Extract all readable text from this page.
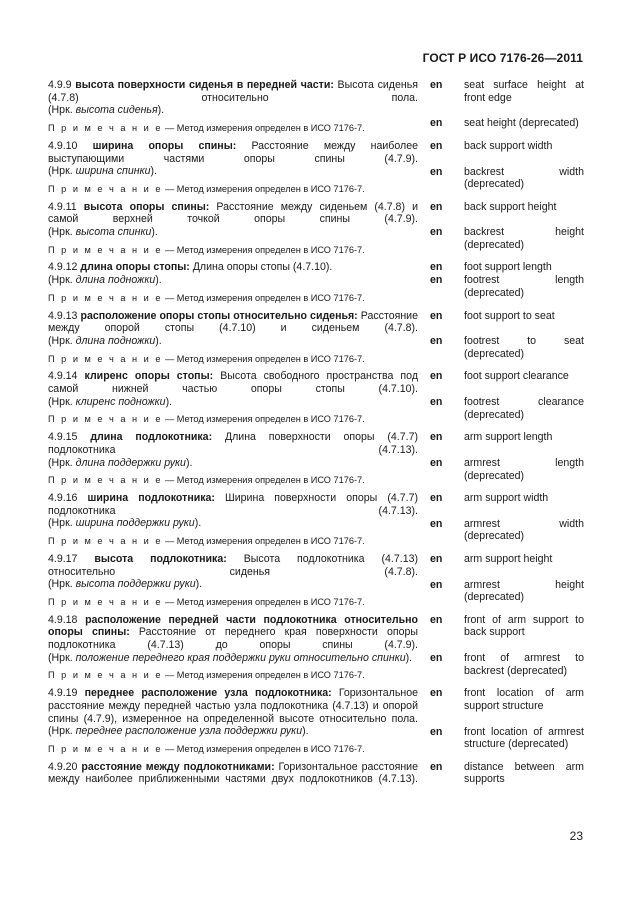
ГОСТ Р ИСО 7176-26—2011
4.9.9 высота поверхности сиденья в передней части: Высота сиденья (4.7.8) относительно пола.
(Нрк. высота сиденья).
П р и м е ч а н и е — Метод измерения определен в ИСО 7176-7.
en	seat surface height at front edge
en	seat height (deprecated)
4.9.10 ширина опоры спины: Расстояние между наиболее выступающими частями опоры спины (4.7.9).
(Нрк. ширина спинки).
П р и м е ч а н и е — Метод измерения определен в ИСО 7176-7.
en	back support width
en	backrest width (deprecated)
4.9.11 высота опоры спины: Расстояние между сиденьем (4.7.8) и самой верхней точкой опоры спины (4.7.9).
(Нрк. высота спинки).
П р и м е ч а н и е — Метод измерения определен в ИСО 7176-7.
en	back support height
en	backrest height (deprecated)
4.9.12 длина опоры стопы: Длина опоры стопы (4.7.10).
(Нрк. длина подножки).
П р и м е ч а н и е — Метод измерения определен в ИСО 7176-7.
en	foot support length
en	footrest length (deprecated)
4.9.13 расположение опоры стопы относительно сиденья: Расстояние между опорой стопы (4.7.10) и сиденьем (4.7.8).
(Нрк. длина подножки).
П р и м е ч а н и е — Метод измерения определен в ИСО 7176-7.
en	foot support to seat
en	footrest to seat (deprecated)
4.9.14 клиренс опоры стопы: Высота свободного пространства под самой нижней частью опоры стопы (4.7.10).
(Нрк. клиренс подножки).
П р и м е ч а н и е — Метод измерения определен в ИСО 7176-7.
en	foot support clearance
en	footrest clearance (deprecated)
4.9.15 длина подлокотника: Длина поверхности опоры (4.7.7) подлокотника (4.7.13).
(Нрк. длина поддержки руки).
П р и м е ч а н и е — Метод измерения определен в ИСО 7176-7.
en	arm support length
en	armrest length (deprecated)
4.9.16 ширина подлокотника: Ширина поверхности опоры (4.7.7) подлокотника (4.7.13).
(Нрк. ширина поддержки руки).
П р и м е ч а н и е — Метод измерения определен в ИСО 7176-7.
en	arm support width
en	armrest width (deprecated)
4.9.17 высота подлокотника: Высота подлокотника (4.7.13) относительно сиденья (4.7.8).
(Нрк. высота поддержки руки).
П р и м е ч а н и е — Метод измерения определен в ИСО 7176-7.
en	arm support height
en	armrest height (deprecated)
4.9.18 расположение передней части подлокотника относительно опоры спины: Расстояние от переднего края поверхности опоры подлокотника (4.7.13) до опоры спины (4.7.9).
(Нрк. положение переднего края поддержки руки относительно спинки).
П р и м е ч а н и е — Метод измерения определен в ИСО 7176-7.
en	front of arm support to back support
en	front of armrest to backrest (deprecated)
4.9.19 переднее расположение узла подлокотника: Горизонтальное расстояние между передней частью узла подлокотника (4.7.13) и опорой спины (4.7.9), измеренное на определенной высоте относительно пола.
(Нрк. переднее расположение узла поддержки руки).
П р и м е ч а н и е — Метод измерения определен в ИСО 7176-7.
en	front location of arm support structure
en	front location of armrest structure (deprecated)
4.9.20 расстояние между подлокотниками: Горизонтальное расстояние между наиболее приближенными частями двух подлокотников (4.7.13).
en	distance between arm supports
23
